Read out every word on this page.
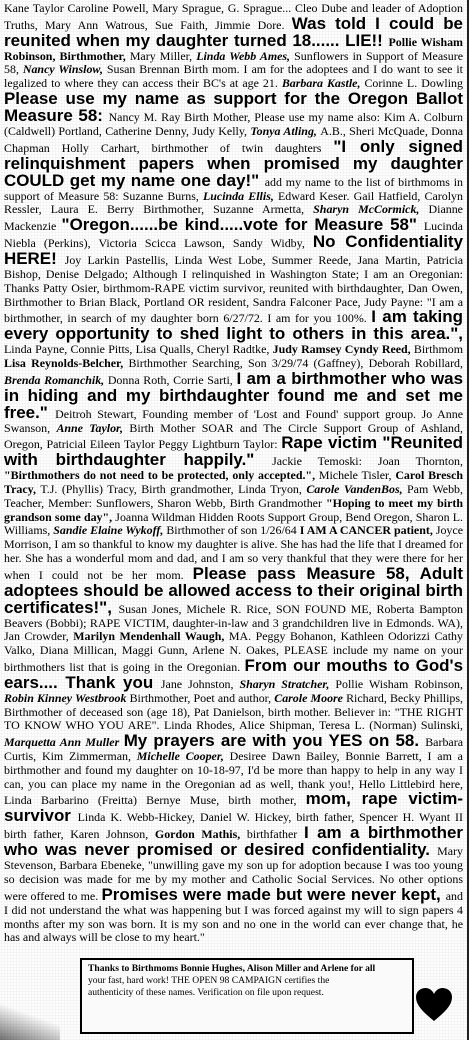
Kane Taylor Caroline Powell, Mary Sprague, G. Sprague... Cleo Dube and leader of Adoption Truths, Mary Ann Watrous, Sue Faith, Jimmie Dore. Was told I could be reunited when my daughter turned 18...... LIE!! Pollie Wisham Robinson, Birthmother, Mary Miller, Linda Webb Ames, Sunflowers in Support of Measure 58, Nancy Winslow, Susan Brennan Birth mom. I am for the adoptees and I do want to see it legalized to where they can access their BC's at age 21. Barbara Kastle, Corinne L. Dowling Please use my name as support for the Oregon Ballot Measure 58: Nancy M. Ray Birth Mother, Please use my name also: Kim A. Colburn (Caldwell) Portland, Catherine Denny, Judy Kelly, Tonya Atling, A.B., Sheri McQuade, Donna Chapman Holly Carhart, birthmother of twin daughters "I only signed relinquishment papers when promised my daughter COULD get my name one day!" add my name to the list of birthmoms in support of Measure 58: Suzanne Burns, Lucinda Ellis, Edward Keser. Gail Hatfield, Carolyn Ressler, Laura E. Berry Birthmother, Suzanne Armetta, Sharyn McCormick, Dianne Mackenzie "Oregon......be kind.....vote for Measure 58" Lucinda Niebla (Perkins), Victoria Scicca Lawson, Sandy Widby, No Confidentiality HERE! Joy Larkin Pastellis, Linda West Lobe, Summer Reede, Jana Martin, Patricia Bishop, Denise Delgado; Although I relinquished in Washington State; I am an Oregonian: Thanks Patty Osier, birthmom-RAPE victim survivor, reunited with birthdaughter, Dan Owen, Birthmother to Brian Black, Portland OR resident, Sandra Falconer Pace, Judy Payne: "I am a birthmother, in search of my daughter born 6/27/72. I am for you 100%. I am taking every opportunity to shed light to others in this area.", Linda Payne, Connie Pitts, Lisa Qualls, Cheryl Radtke, Judy Ramsey Cyndy Reed, Birthmom Lisa Reynolds-Belcher, Birthmother Searching, Son 3/29/74 (Gaffney), Deborah Robillard, Brenda Romanchik, Donna Roth, Corrie Sarti, I am a birthmother who was in hiding and my birthdaughter found me and set me free." Deitroh Stewart, Founding member of 'Lost and Found' support group. Jo Anne Swanson, Anne Taylor, Birth Mother SOAR and The Circle Support Group of Ashland, Oregon, Patricial Eileen Taylor Peggy Lightburn Taylor: Rape victim "Reunited with birthdaughter happily." Jackie Temoski: Joan Thornton, "Birthmothers do not need to be protected, only accepted.", Michele Tisler, Carol Bresch Tracy, T.J. (Phyllis) Tracy, Birth grandmother, Linda Tryon, Carole VandenBos, Pam Webb, Teacher, Member: Sunflowers, Sharon Webb, Birth Grandmother "Hoping to meet my birth grandson some day", Joanna Wildman Hidden Roots Support Group, Bend Oregon, Sharon L. Williams, Sandie Elaine Wykoff, Birthmother of son 1/26/64 I AM A CANCER patient, Joyce Morrison, I am so thankful to know my daughter is alive. She has had the life that I dreamed for her. She has a wonderful mom and dad, and I am so very thankful that they were there for her when I could not be her mom. Please pass Measure 58, Adult adoptees should be allowed access to their original birth certificates!", Susan Jones, Michele R. Rice, SON FOUND ME, Roberta Bampton Beavers (Bobbi); RAPE VICTIM, daughter-in-law and 3 grandchildren live in Edmonds. WA), Jan Crowder, Marilyn Mendenhall Waugh, MA. Peggy Bohanon, Kathleen Odorizzi Cathy Valko, Diana Millican, Maggi Gunn, Arlene N. Oakes, PLEASE include my name on your birthmothers list that is going in the Oregonian. From our mouths to God's ears.... Thank you Jane Johnston, Sharyn Stratcher, Pollie Wisham Robinson, Robin Kinney Westbrook Birthmother, Poet and author, Carole Moore Richard, Becky Phillips, Birthmother of deceased son (age 18), Pat Danielson, birth mother. Believer in: "THE RIGHT TO KNOW WHO YOU ARE". Linda Rhodes, Alice Shipman, Teresa L. (Norman) Sulinski, Marquetta Ann Muller My prayers are with you YES on 58. Barbara Curtis, Kim Zimmerman, Michelle Cooper, Desiree Dawn Bailey, Bonnie Barrett, I am a birthmother and found my daughter on 10-18-97, I'd be more than happy to help in any way I can, you can place my name in the Oregonian ad as well, thank you!, Hello Littlebird here, Linda Barbarino (Freitta) Bernye Muse, birth mother, mom, rape victim-survivor Linda K. Webb-Hickey, Daniel W. Hickey, birth father, Spencer H. Wyant II birth father, Karen Johnson, Gordon Mathis, birthfather I am a birthmother who was never promised or desired confidentiality. Mary Stevenson, Barbara Ebeneke, "unwilling gave my son up for adoption because I was too young so decision was made for me by my mother and Catholic Social Services. No other options were offered to me. Promises were made but were never kept, and I did not understand the what was happening but I was forced against my will to sign papers 4 months after my son was born. It is my son and no one in the world can ever change that, he has and always will be close to my heart."

Thanks to Birthmoms Bonnie Hughes, Alison Miller and Arlene for all
your fast, hard work! THE OPEN 98 CAMPAIGN certifies the
authenticity of these names. Verification on file upon request.
